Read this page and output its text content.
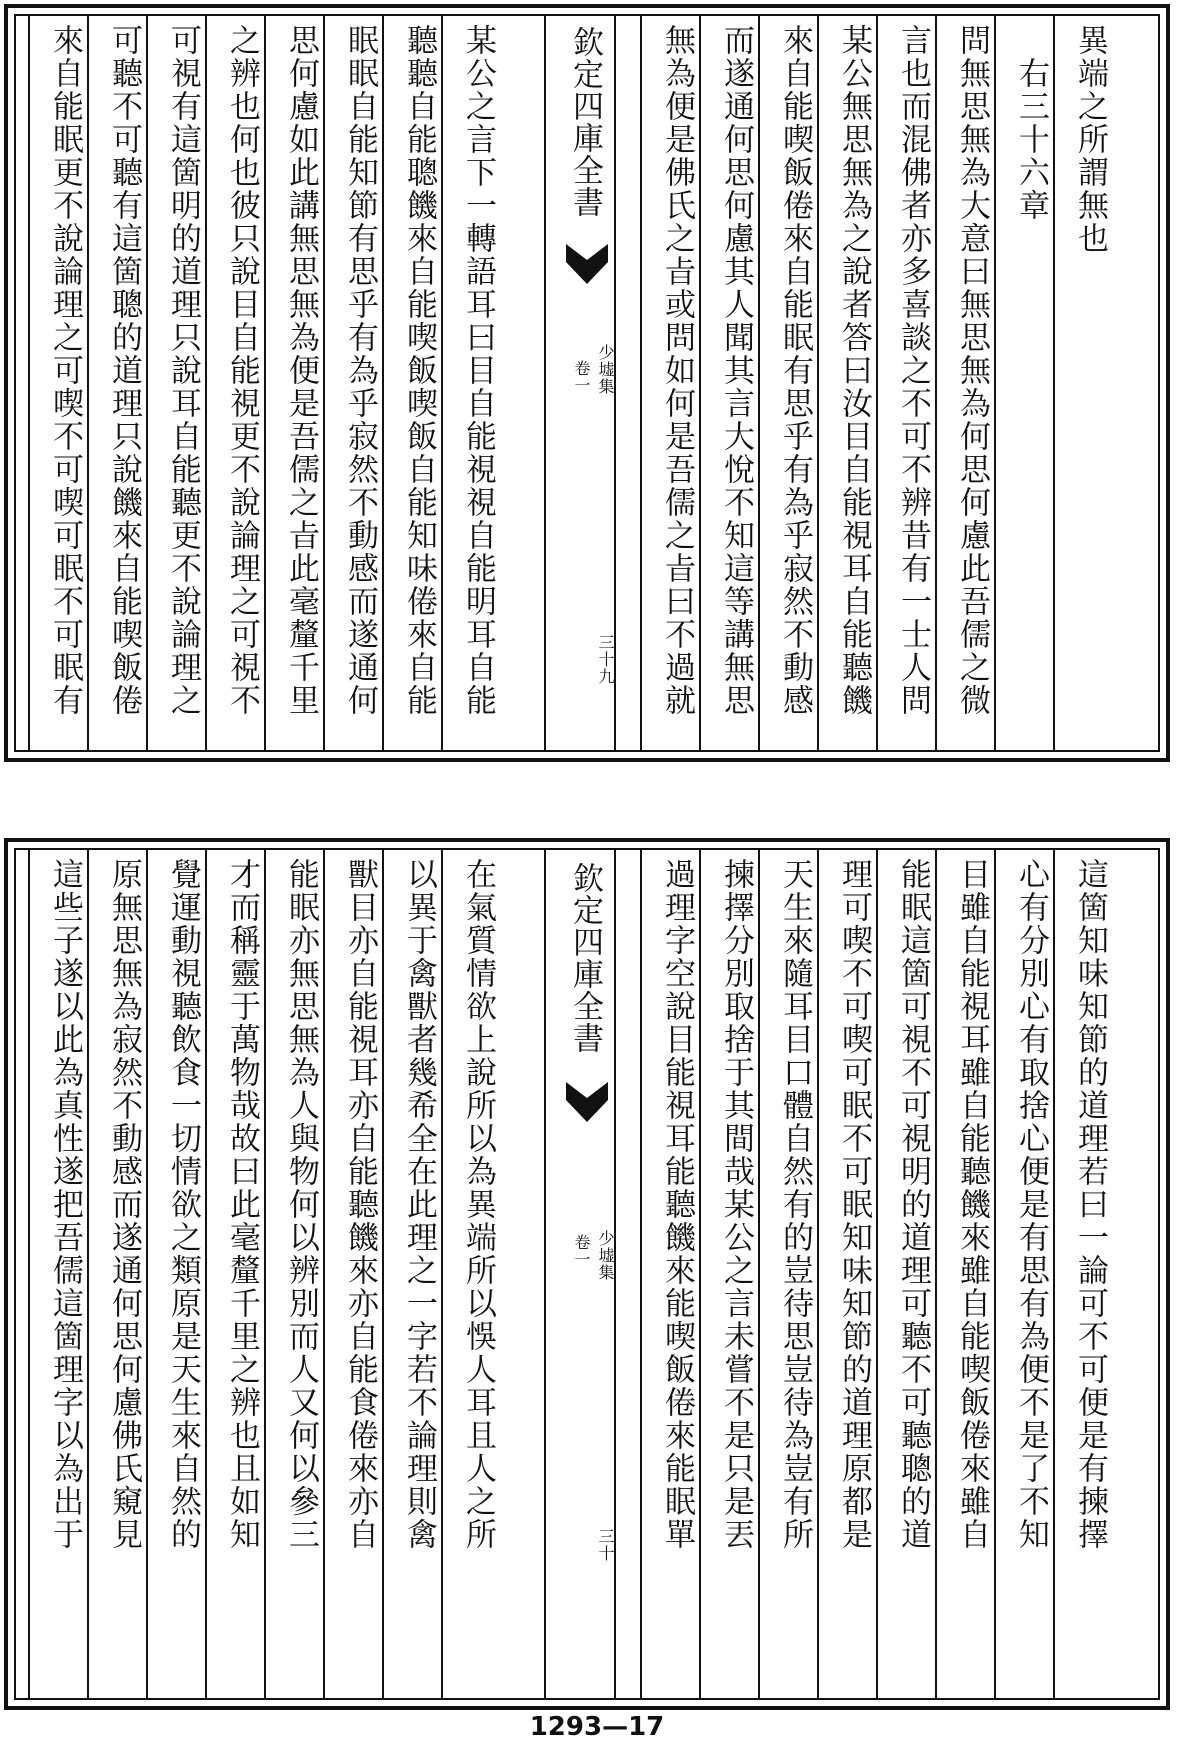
異端之所謂無也
　右三十六章
問無思無為大意曰無思無為何思何慮此吾儒之微
言也而混佛者亦多喜談之不可不辨昔有一士人問
某公無思無為之說者答曰汝目自能視耳自能聽饑
來自能喫飯倦來自能眠有思乎有為乎寂然不動感
而遂通何思何慮其人聞其言大悅不知這等講無思
無為便是佛氏之㫖或問如何是吾儒之㫖曰不過就
某公之言下一轉語耳曰目自能視視自能明耳自能
聽聽自能聰饑來自能喫飯喫飯自能知味倦來自能
眠眠自能知節有思乎有為乎寂然不動感而遂通何
思何慮如此講無思無為便是吾儒之㫖此毫釐千里
之辨也何也彼只說目自能視更不說論理之可視不
可視有這箇明的道理只說耳自能聽更不說論理之
可聽不可聽有這箇聰的道理只說饑來自能喫飯倦
來自能眠更不說論理之可喫不可喫可眠不可眠有	欽定四庫全書
少墟集
卷一
三十九
這箇知味知節的道理若曰一論可不可便是有揀擇
心有分別心有取捨心便是有思有為便不是了不知
目雖自能視耳雖自能聽饑來雖自能喫飯倦來雖自
能眠這箇可視不可視明的道理可聽不可聽聰的道
理可喫不可喫可眠不可眠知味知節的道理原都是
天生來隨耳目口體自然有的豈待思豈待為豈有所
揀擇分別取捨于其間哉某公之言未嘗不是只是丟
過理字空說目能視耳能聽饑來能喫飯倦來能眠單
在氣質情欲上說所以為異端所以悞人耳且人之所
以異于禽獸者幾希全在此理之一字若不論理則禽
獸目亦自能視耳亦自能聽饑來亦自能食倦來亦自
能眠亦無思無為人與物何以辨別而人又何以參三
才而稱靈于萬物哉故曰此毫釐千里之辨也且如知
覺運動視聽飲食一切情欲之類原是天生來自然的
原無思無為寂然不動感而遂通何思何慮佛氏窺見
這些子遂以此為真性遂把吾儒這箇理字以為出于	欽定四庫全書
少墟集
卷一
三十
1293—17
